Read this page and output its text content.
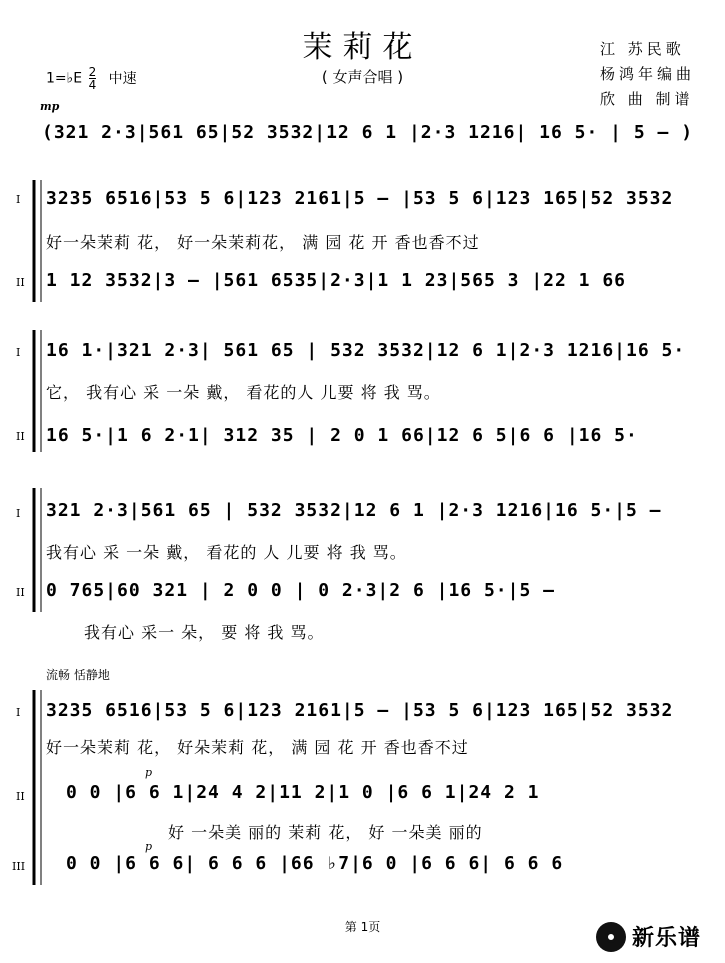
茉莉花
( 女声合唱 )
江 苏民歌
杨鸿年编曲
欣 曲 制谱
1=♭E $\frac{2}{4}$ 中速
mp
(321 2·3|561 65|52 3532|12 6 1 |2·3 1216| 16 5· | 5 — )
I 3235 6516|53 5 6|123 2161|5 — |53 5 6|123 165|52 3532
好一朵茉莉 花， 好一朵茉莉花， 满 园 花 开 香也香不过
II 1 12 3532|3 — |561 6535|2·3|1 1 23|565 3 |22 1 66
I 16 1·|321 2·3| 561 65 | 532 3532|12 6 1|2·3 1216|16 5·
它， 我有心 采 一朵 戴， 看花的人 儿要 将 我 骂。
II 16 5·|1 6 2·1| 312 35 | 2 0 1 66|12 6 5|6 6 |16 5·
I 321 2·3|561 65 | 532 3532|12 6 1 |2·3 1216|16 5·|5 —
我有心 采 一朵 戴， 看花的 人 儿要 将 我 骂。
II 0 765|60 321 | 2 0 0 | 0 2·3|2 6 |16 5·|5 —
我有心 采一 朵， 要 将 我 骂。
流畅 恬静地
I 3235 6516|53 5 6|123 2161|5 — |53 5 6|123 165|52 3532
好一朵茉莉 花， 好朵茉莉 花， 满 园 花 开 香也香不过
p
II 0 0 |6 6 1|24 4 2|11 2|1 0 |6 6 1|24 2 1
好 一朵美 丽的 茉莉 花， 好 一朵美 丽的
p
III 0 0 |6 6 6| 6 6 6 |66 ♭7|6 0 |6 6 6| 6 6 6
第 1页	新乐谱
